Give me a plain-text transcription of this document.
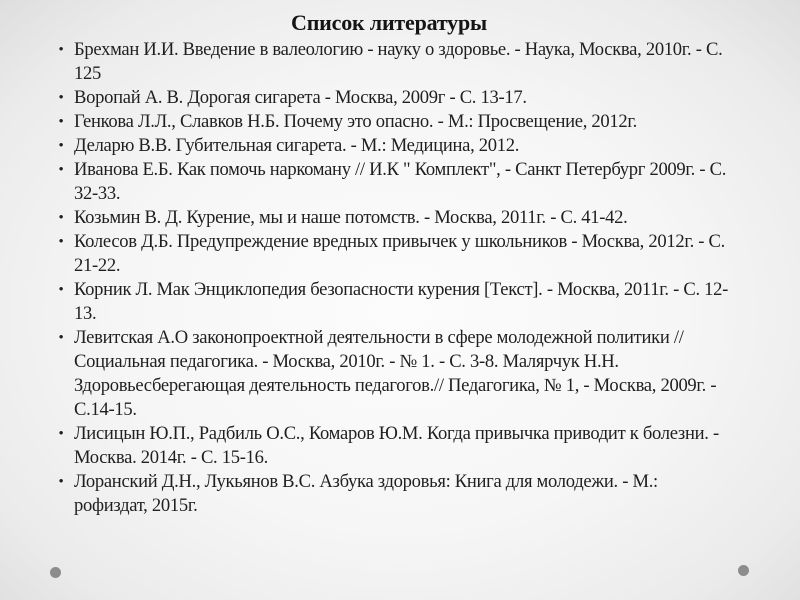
Список литературы
• Брехман И.И. Введение в валеологию - науку о здоровье. - Наука, Москва, 2010г. - С. 125
• Воропай А. В. Дорогая сигарета - Москва, 2009г - С. 13-17.
• Генкова Л.Л., Славков Н.Б. Почему это опасно. - М.: Просвещение, 2012г.
• Деларю В.В. Губительная сигарета. - М.: Медицина, 2012.
• Иванова Е.Б. Как помочь наркоману // И.К " Комплект", - Санкт Петербург 2009г. - С. 32-33.
• Козьмин В. Д. Курение, мы и наше потомств. - Москва, 2011г. - С. 41-42.
• Колесов Д.Б. Предупреждение вредных привычек у школьников - Москва, 2012г. - С. 21-22.
• Корник Л. Мак Энциклопедия безопасности курения [Текст]. - Москва, 2011г. - С. 12-13.
• Левитская А.О законопроектной деятельности в сфере молодежной политики // Социальная педагогика. - Москва, 2010г. - № 1. - С. 3-8. Малярчук Н.Н. Здоровьесберегающая деятельность педагогов.// Педагогика, № 1, - Москва, 2009г. - С.14-15.
• Лисицын Ю.П., Радбиль О.С., Комаров Ю.М. Когда привычка приводит к болезни. - Москва. 2014г. - С. 15-16.
• Лоранский Д.Н., Лукьянов В.С. Азбука здоровья: Книга для молодежи. - М.: рофиздат, 2015г.
